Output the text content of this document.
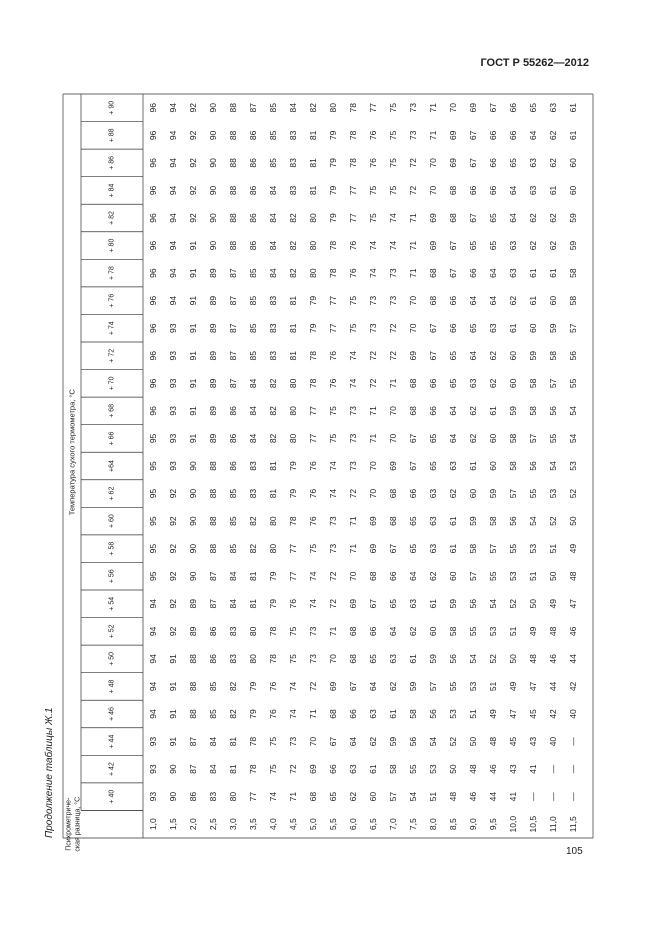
ГОСТ Р 55262—2012
105
Продолжение таблицы Ж.1
Температура сухого термометра, °С
Психрометриче- ская разница, °С
+ 40
+ 42
+ 44
+ 46
+ 48
+ 50
+ 52
+ 54
+ 56
+ 58
+ 60
+ 62
+64
+ 66
+ 68
+ 70
+ 72
+ 74
+ 76
+ 78
+ 80
+ 82
+ 84
+ 86
+ 88
+ 90
1,0
93
93
93
94
94
94
94
94
95
95
95
95
95
95
96
96
96
96
96
96
96
96
96
96
96
96
1,5
90
90
91
91
91
91
92
92
92
92
92
92
93
93
93
93
93
93
94
94
94
94
94
94
94
94
2,0
86
87
87
88
88
88
89
89
90
90
90
90
90
91
91
91
91
91
91
91
91
92
92
92
92
92
2,5
83
84
84
85
85
86
86
87
87
88
88
88
88
89
89
89
89
89
89
89
90
90
90
90
90
90
3,0
80
81
81
82
82
83
83
84
84
85
85
85
86
86
86
87
87
87
87
87
88
88
88
88
88
88
3,5
77
78
78
79
79
80
80
81
81
82
82
83
83
84
84
84
85
85
85
85
86
86
86
86
86
87
4,0
74
75
75
76
76
78
78
79
79
80
80
81
81
82
82
82
83
83
83
84
84
84
84
85
85
85
4,5
71
72
73
74
74
75
75
76
77
77
78
79
79
80
80
80
81
81
81
82
82
82
83
83
83
84
5,0
68
69
70
71
72
73
73
74
74
75
76
76
76
77
77
78
78
79
79
80
80
80
81
81
81
82
5,5
65
66
67
68
69
70
71
72
72
73
73
74
74
75
75
76
76
77
77
78
78
79
79
79
79
80
6,0
62
63
64
66
67
68
68
69
70
71
71
72
73
73
73
74
74
75
75
76
76
77
77
78
78
78
6,5
60
61
62
63
64
65
66
67
68
69
69
70
70
71
71
72
72
73
73
74
74
75
75
76
76
77
7,0
57
58
59
61
62
63
64
65
66
67
68
68
69
70
70
71
72
72
73
73
74
74
75
75
75
75
7,5
54
55
56
58
59
61
62
63
64
65
65
66
67
67
68
68
69
70
70
71
71
71
72
72
73
73
8,0
51
53
54
56
57
59
60
61
62
63
63
63
65
65
66
66
67
67
68
68
69
69
70
70
71
71
8,5
48
50
52
53
55
56
58
59
60
61
61
62
63
64
64
65
65
66
66
67
67
68
68
69
69
70
9,0
46
48
50
51
53
54
55
56
57
58
59
60
61
62
62
63
64
65
64
66
65
67
66
67
67
69
9,5
44
46
48
49
51
52
53
54
55
57
58
59
60
60
61
62
62
63
64
64
65
65
66
66
66
67
10,0
41
43
45
47
49
50
51
52
53
55
56
57
58
58
59
60
60
61
62
63
63
64
64
65
66
66
10,5
—
41
43
45
47
48
49
50
51
53
54
55
56
57
58
58
59
60
61
61
62
62
63
63
64
65
11,0
—
—
40
42
44
46
48
49
50
51
52
53
54
55
56
57
58
59
60
61
62
62
61
62
62
63
11,5
—
—
—
40
42
44
46
47
48
49
50
52
53
54
54
55
56
57
58
58
59
59
60
60
61
61
